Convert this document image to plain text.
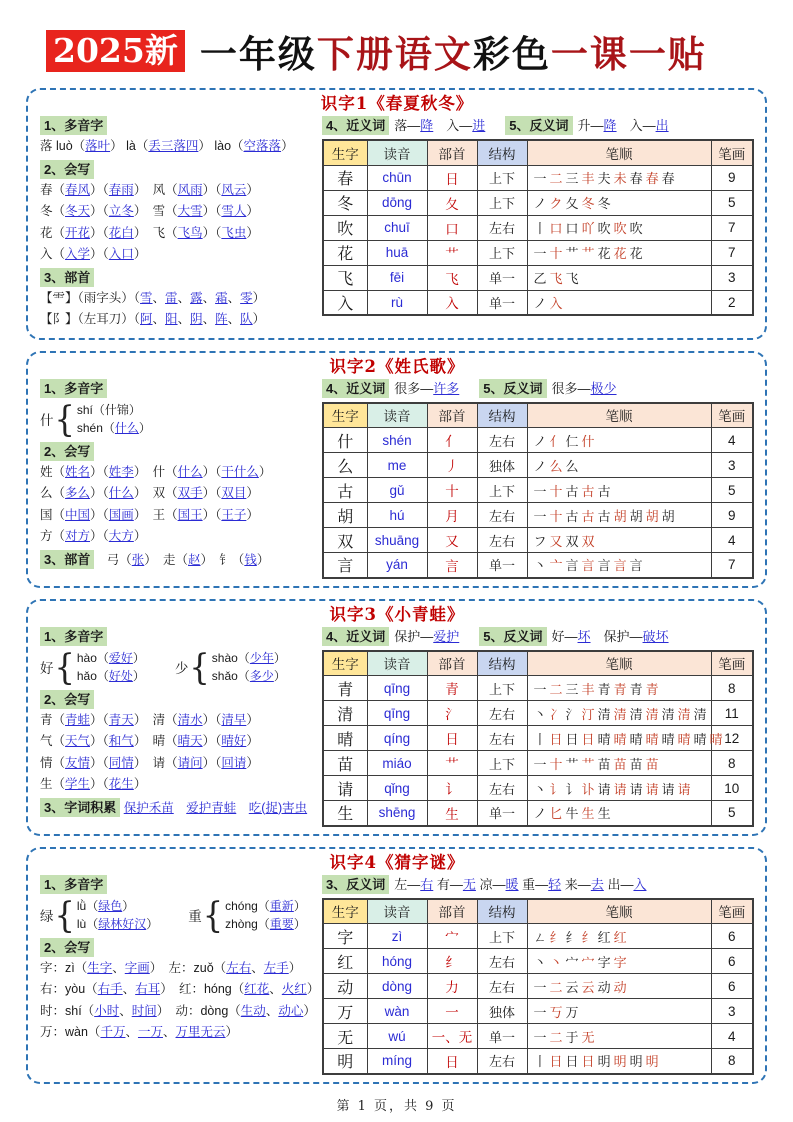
2025新 一年级下册语文彩色一课一贴
识字1《春夏秋冬》
1、多音字
落 luò（落叶） là（丢三落四） lào（空落落）
2、会写
春（春风）（春雨）　风（风雨）（风云）
冬（冬天）（立冬）　雪（大雪）（雪人）
花（开花）（花白）　飞（飞鸟）（飞虫）
入（入学）（入口）
3、部首
【⻗】（雨字头）（雪、雷、露、霜、零）
【阝】（左耳刀）（阿、阳、阴、阵、队）
4、近义词 落—降　入—进	5、反义词 升—降　入—出
生字	读音	部首	结构	笔顺	笔画
春	chūn	日	上下	一 二 三 丰 夫 未 春 春 春	9
冬	dōng	夂	上下	ノ ク 夂 冬 冬	5
吹	chuī	口	左右	丨 口 口 吖 吹 吹 吹	7
花	huā	艹	上下	一 十 艹 艹 花 花 花	7
飞	fēi	飞	单一	乙 飞 飞	3
入	rù	入	单一	ノ 入	2
识字2《姓氏歌》
1、多音字
什 { shí（什锦）
shén（什么）
2、会写
姓（姓名）（姓李）　什（什么）（干什么）
么（多么）（什么）　双（双手）（双目）
国（中国）（国画）　王（国王）（王子）
方（对方）（大方）
3、部首　弓（张）　走（赵）　钅（钱）
4、近义词 很多—许多	5、反义词 很多—极少
生字	读音	部首	结构	笔顺	笔画
什	shén	亻	左右	ノ 亻 仁 什	4
么	me	丿	独体	ノ 么 么	3
古	gǔ	十	上下	一 十 古 古 古	5
胡	hú	月	左右	一 十 古 古 古 胡 胡 胡 胡	9
双	shuāng	又	左右	フ 又 双 双	4
言	yán	言	单一	丶 亠 言 言 言 言 言	7
识字3《小青蛙》
1、多音字
好 { hào（爱好）
hǎo（好处） 少 { shào（少年）
shǎo（多少）
2、会写
青（青蛙）（青天）　清（清水）（清早）
气（天气）（和气）　晴（晴天）（晴好）
情（友情）（同情）　请（请问）（回请）
生（学生）（花生）
3、字词积累 保护禾苗　 爱护青蛙　 吃(捉)害虫
4、近义词 保护—爱护	5、反义词 好—坏　保护—破坏
生字	读音	部首	结构	笔顺	笔画
青	qīng	青	上下	一 二 三 丰 青 青 青 青	8
清	qīng	氵	左右	丶 冫 氵 汀 清 清 清 清 清 清 清	11
晴	qíng	日	左右	丨 日 日 日 晴 晴 晴 晴 晴 晴 晴 晴	12
苗	miáo	艹	上下	一 十 艹 艹 苗 苗 苗 苗	8
请	qǐng	讠	左右	丶 讠 讠 讣 请 请 请 请 请 请	10
生	shēng	生	单一	ノ 匕 牛 生 生	5
识字4《猜字谜》
1、多音字
绿 { lǜ（绿色）
lù（绿林好汉） 重 { chóng（重新）
zhòng（重要）
2、会写
字：zì（生字、字画）　左：zuǒ（左右、左手）
右：yòu（右手、右耳）　红：hóng（红花、火红）
时：shí（小时、时间）　动：dòng（生动、动心）
万：wàn（千万、一万、万里无云）
3、反义词 左—右 有—无 凉—暖 重—轻 来—去 出—入
生字	读音	部首	结构	笔顺	笔画
字	zì	宀	上下	ㄥ 纟 纟 纟 红 红	6
红	hóng	纟	左右	丶 丶 宀 宀 字 字	6
动	dòng	力	左右	一 二 云 云 动 动	6
万	wàn	一	独体	一 丂 万	3
无	wú	一、无	单一	一 二 于 无	4
明	míng	日	左右	丨 日 日 日 明 明 明 明	8
第 1 页，共 9 页
